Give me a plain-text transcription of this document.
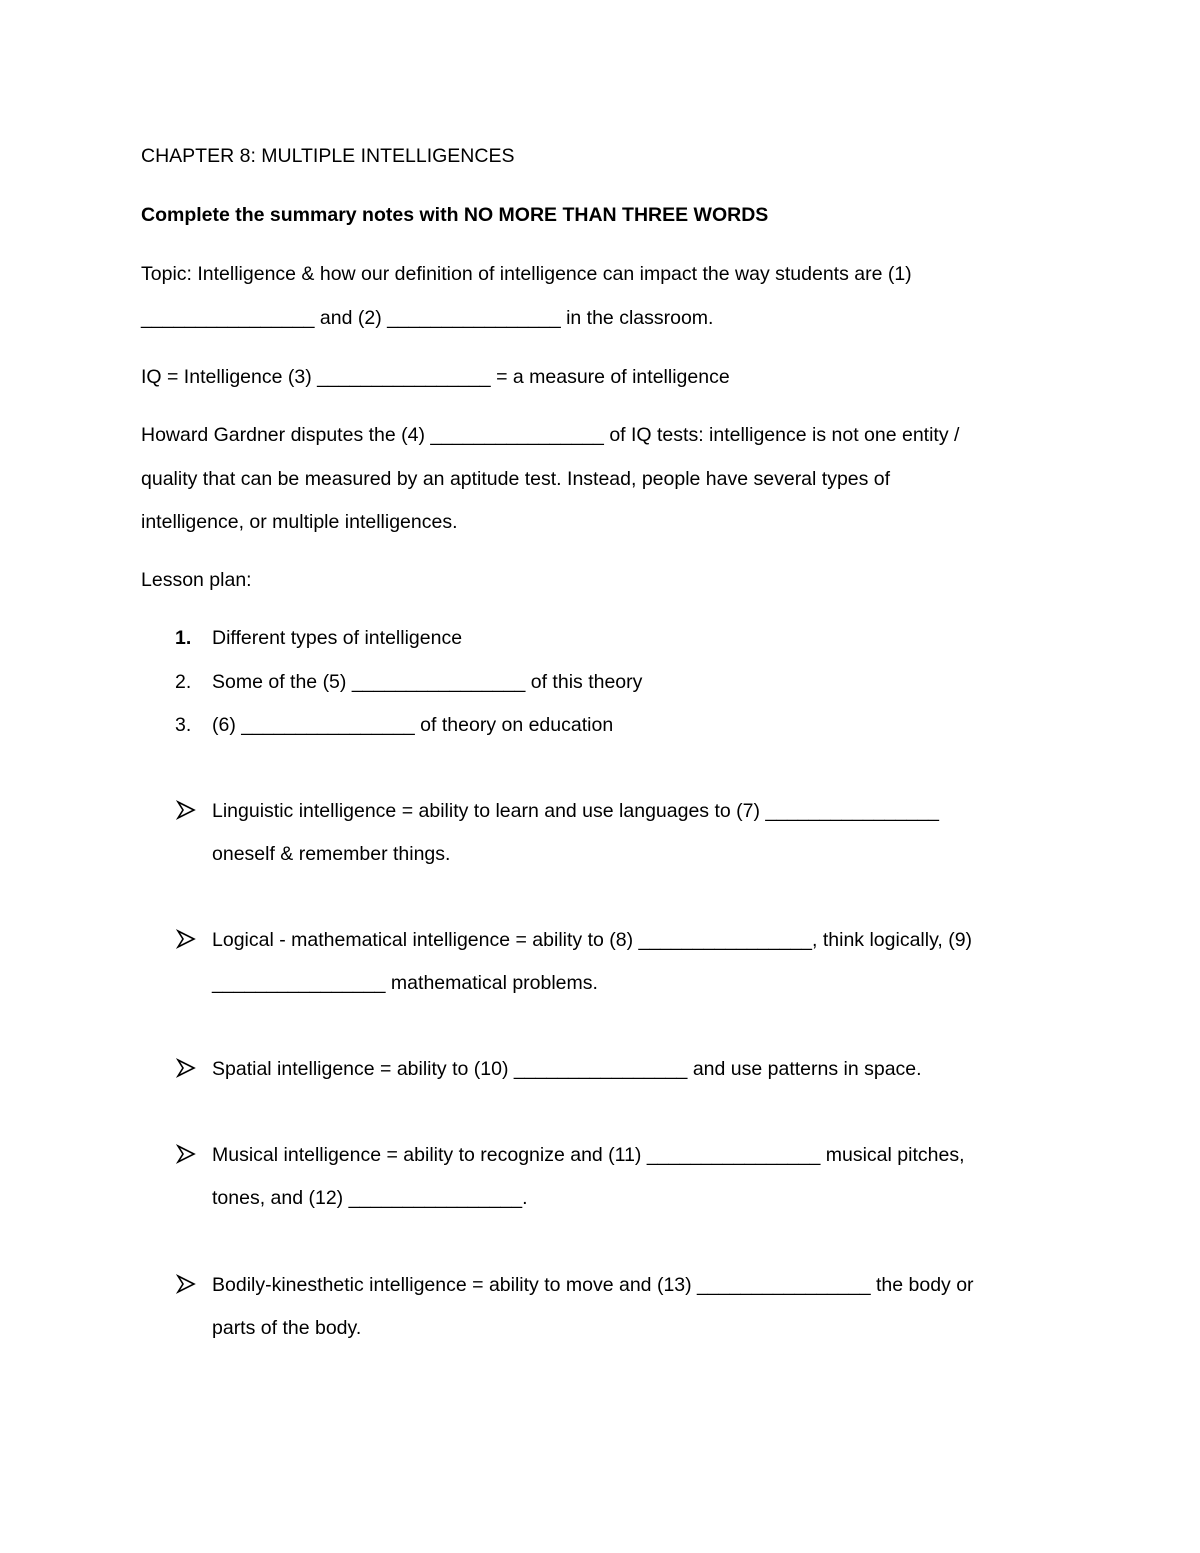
CHAPTER 8: MULTIPLE INTELLIGENCES
Complete the summary notes with NO MORE THAN THREE WORDS
Topic: Intelligence & how our definition of intelligence can impact the way students are (1)
________________ and (2) ________________ in the classroom.
IQ = Intelligence (3) ________________ = a measure of intelligence
Howard Gardner disputes the (4) ________________ of IQ tests: intelligence is not one entity /
quality that can be measured by an aptitude test. Instead, people have several types of
intelligence, or multiple intelligences.
Lesson plan:
1. Different types of intelligence
2. Some of the (5) ________________ of this theory
3. (6) ________________ of theory on education
Linguistic intelligence = ability to learn and use languages to (7) ________________
oneself & remember things.
Logical - mathematical intelligence = ability to (8) ________________, think logically, (9)
________________ mathematical problems.
Spatial intelligence = ability to (10) ________________ and use patterns in space.
Musical intelligence = ability to recognize and (11) ________________ musical pitches,
tones, and (12) ________________.
Bodily-kinesthetic intelligence = ability to move and (13) ________________ the body or
parts of the body.
